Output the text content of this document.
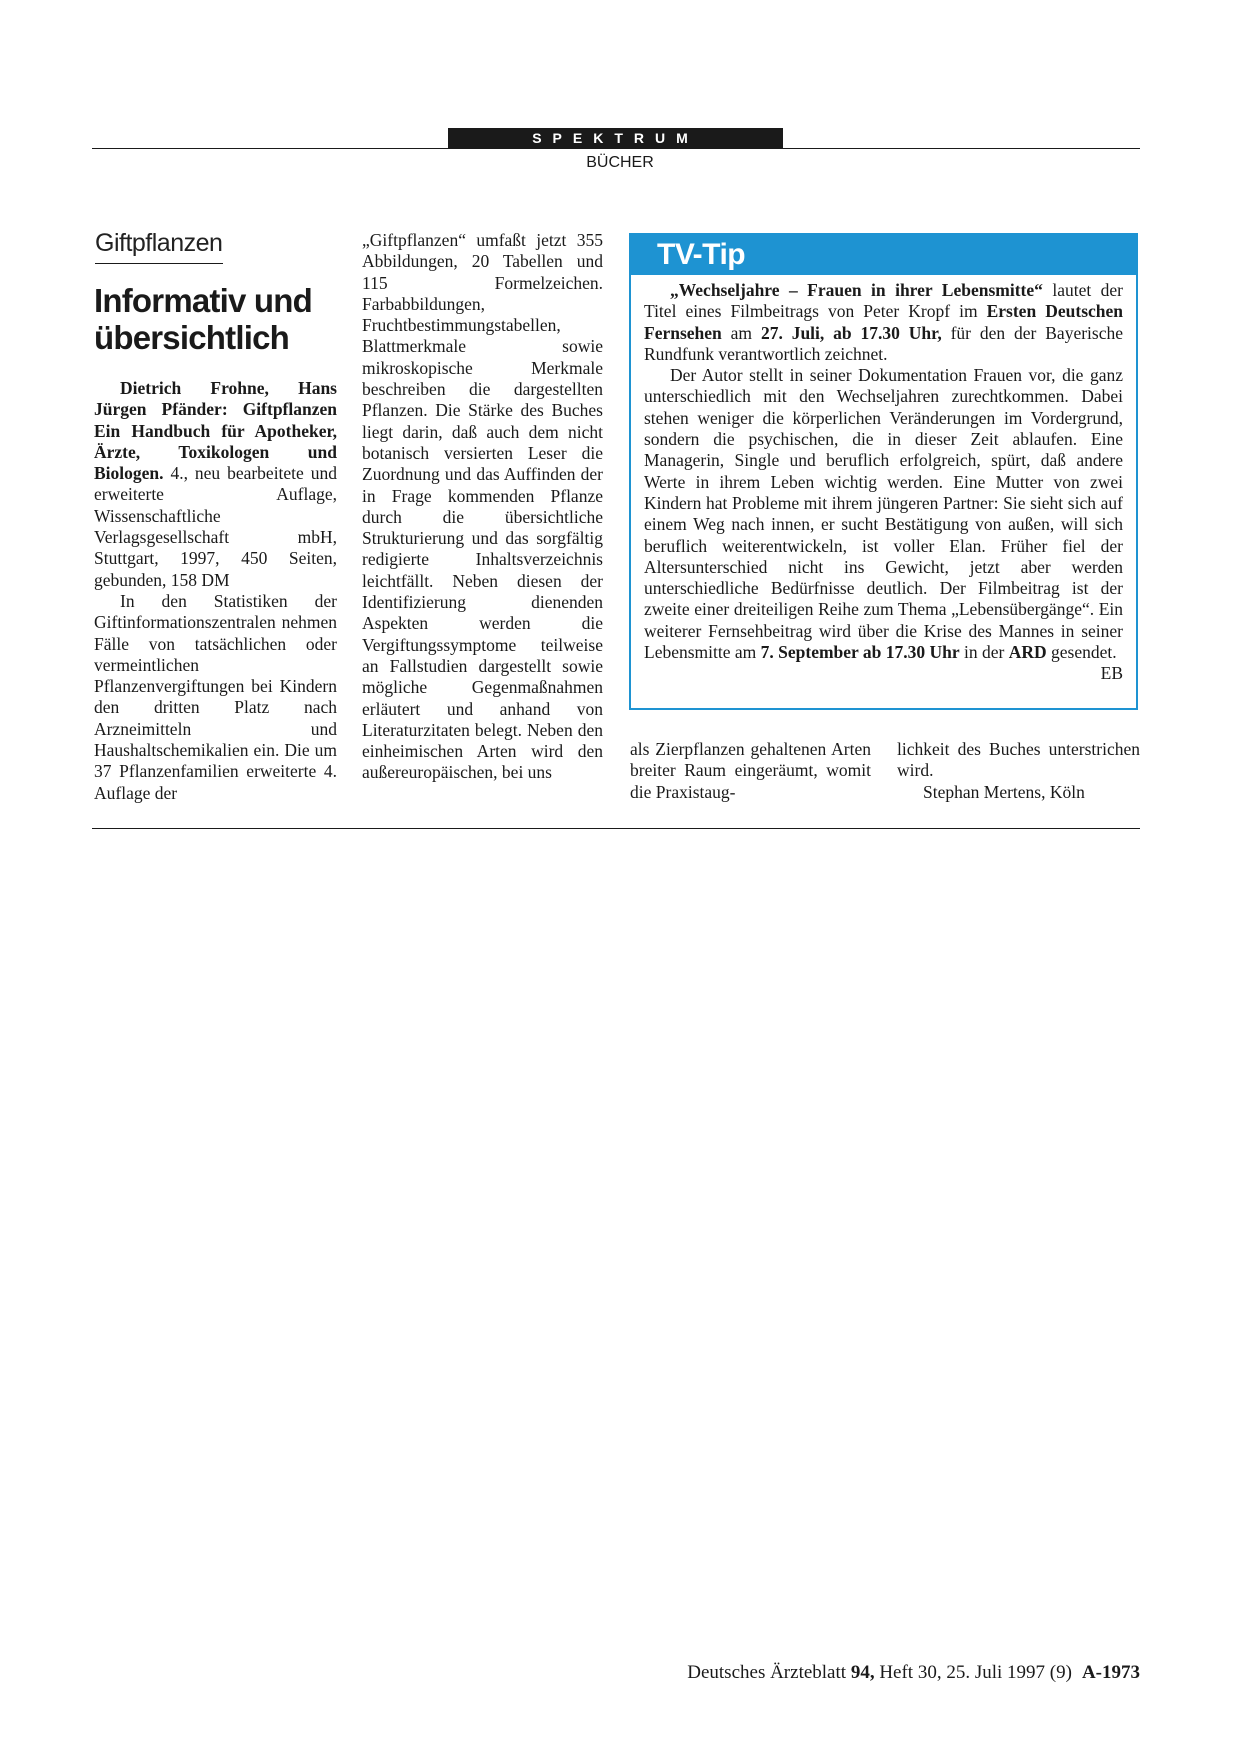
SPEKTRUM
BÜCHER
Giftpflanzen
Informativ und übersichtlich

Dietrich Frohne, Hans Jürgen Pfänder: Giftpflanzen Ein Handbuch für Apotheker, Ärzte, Toxikologen und Biologen. 4., neu bearbeitete und erweiterte Auflage, Wissenschaftliche Verlagsgesellschaft mbH, Stuttgart, 1997, 450 Seiten, gebunden, 158 DM

In den Statistiken der Giftinformationszentralen nehmen Fälle von tatsächlichen oder vermeintlichen Pflanzenvergiftungen bei Kindern den dritten Platz nach Arzneimitteln und Haushaltschemikalien ein. Die um 37 Pflanzenfamilien erweiterte 4. Auflage der

„Giftpflanzen“ umfaßt jetzt 355 Abbildungen, 20 Tabellen und 115 Formelzeichen. Farbabbildungen, Fruchtbestimmungstabellen, Blattmerkmale sowie mikroskopische Merkmale beschreiben die dargestellten Pflanzen. Die Stärke des Buches liegt darin, daß auch dem nicht botanisch versierten Leser die Zuordnung und das Auffinden der in Frage kommenden Pflanze durch die übersichtliche Strukturierung und das sorgfältig redigierte Inhaltsverzeichnis leichtfällt. Neben diesen der Identifizierung dienenden Aspekten werden die Vergiftungssymptome teilweise an Fallstudien dargestellt sowie mögliche Gegenmaßnahmen erläutert und anhand von Literaturzitaten belegt. Neben den einheimischen Arten wird den außereuropäischen, bei uns

TV-Tip

„Wechseljahre – Frauen in ihrer Lebensmitte“ lautet der Titel eines Filmbeitrags von Peter Kropf im Ersten Deutschen Fernsehen am 27. Juli, ab 17.30 Uhr, für den der Bayerische Rundfunk verantwortlich zeichnet.

Der Autor stellt in seiner Dokumentation Frauen vor, die ganz unterschiedlich mit den Wechseljahren zurechtkommen. Dabei stehen weniger die körperlichen Veränderungen im Vordergrund, sondern die psychischen, die in dieser Zeit ablaufen. Eine Managerin, Single und beruflich erfolgreich, spürt, daß andere Werte in ihrem Leben wichtig werden. Eine Mutter von zwei Kindern hat Probleme mit ihrem jüngeren Partner: Sie sieht sich auf einem Weg nach innen, er sucht Bestätigung von außen, will sich beruflich weiterentwickeln, ist voller Elan. Früher fiel der Altersunterschied nicht ins Gewicht, jetzt aber werden unterschiedliche Bedürfnisse deutlich. Der Filmbeitrag ist der zweite einer dreiteiligen Reihe zum Thema „Lebensübergänge“. Ein weiterer Fernsehbeitrag wird über die Krise des Mannes in seiner Lebensmitte am 7. September ab 17.30 Uhr in der ARD gesendet.
EB

als Zierpflanzen gehaltenen Arten breiter Raum eingeräumt, womit die Praxistaug-

lichkeit des Buches unterstrichen wird.

Stephan Mertens, Köln

Deutsches Ärzteblatt 94, Heft 30, 25. Juli 1997 (9) A-1973
